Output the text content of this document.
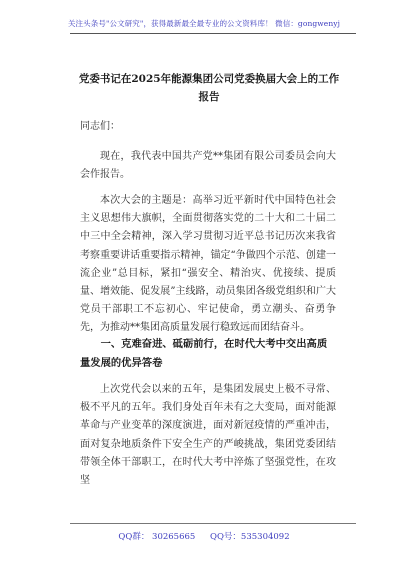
关注头条号"公文研究"，获得最新最全最专业的公文资料库！ 微信：gongwenyj
党委书记在2025年能源集团公司党委换届大会上的工作报告
同志们：
现在，我代表中国共产党**集团有限公司委员会向大会作报告。
本次大会的主题是：高举习近平新时代中国特色社会主义思想伟大旗帜，全面贯彻落实党的二十大和二十届二中三中全会精神，深入学习贯彻习近平总书记历次来我省考察重要讲话重要指示精神，锚定“争做四个示范、创建一流企业”总目标，紧扣“强安全、精治灾、优接续、提质量、增效能、促发展”主线路，动员集团各级党组织和广大党员干部职工不忘初心、牢记使命，勇立潮头、奋勇争先，为推动**集团高质量发展行稳致远而团结奋斗。
一、克难奋进、砥砺前行，在时代大考中交出高质量发展的优异答卷
上次党代会以来的五年，是集团发展史上极不寻常、极不平凡的五年。我们身处百年未有之大变局，面对能源革命与产业变革的深度演进，面对新冠疫情的严重冲击，面对复杂地质条件下安全生产的严峻挑战，集团党委团结带领全体干部职工，在时代大考中淬炼了坚强党性，在攻坚
QQ群： 30265665 QQ号：535304092
